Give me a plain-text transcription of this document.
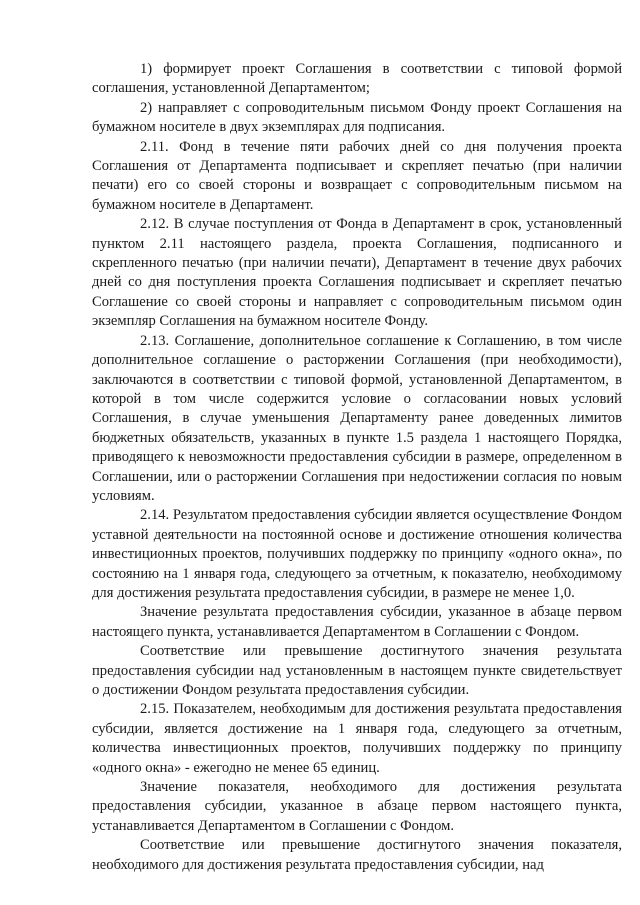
1) формирует проект Соглашения в соответствии с типовой формой соглашения, установленной Департаментом;

2) направляет с сопроводительным письмом Фонду проект Соглашения на бумажном носителе в двух экземплярах для подписания.

2.11. Фонд в течение пяти рабочих дней со дня получения проекта Соглашения от Департамента подписывает и скрепляет печатью (при наличии печати) его со своей стороны и возвращает с сопроводительным письмом на бумажном носителе в Департамент.

2.12. В случае поступления от Фонда в Департамент в срок, установленный пунктом 2.11 настоящего раздела, проекта Соглашения, подписанного и скрепленного печатью (при наличии печати), Департамент в течение двух рабочих дней со дня поступления проекта Соглашения подписывает и скрепляет печатью Соглашение со своей стороны и направляет с сопроводительным письмом один экземпляр Соглашения на бумажном носителе Фонду.

2.13. Соглашение, дополнительное соглашение к Соглашению, в том числе дополнительное соглашение о расторжении Соглашения (при необходимости), заключаются в соответствии с типовой формой, установленной Департаментом, в которой в том числе содержится условие о согласовании новых условий Соглашения, в случае уменьшения Департаменту ранее доведенных лимитов бюджетных обязательств, указанных в пункте 1.5 раздела 1 настоящего Порядка, приводящего к невозможности предоставления субсидии в размере, определенном в Соглашении, или о расторжении Соглашения при недостижении согласия по новым условиям.

2.14. Результатом предоставления субсидии является осуществление Фондом уставной деятельности на постоянной основе и достижение отношения количества инвестиционных проектов, получивших поддержку по принципу «одного окна», по состоянию на 1 января года, следующего за отчетным, к показателю, необходимому для достижения результата предоставления субсидии, в размере не менее 1,0.

Значение результата предоставления субсидии, указанное в абзаце первом настоящего пункта, устанавливается Департаментом в Соглашении с Фондом.

Соответствие или превышение достигнутого значения результата предоставления субсидии над установленным в настоящем пункте свидетельствует о достижении Фондом результата предоставления субсидии.

2.15. Показателем, необходимым для достижения результата предоставления субсидии, является достижение на 1 января года, следующего за отчетным, количества инвестиционных проектов, получивших поддержку по принципу «одного окна» - ежегодно не менее 65 единиц.

Значение показателя, необходимого для достижения результата предоставления субсидии, указанное в абзаце первом настоящего пункта, устанавливается Департаментом в Соглашении с Фондом.

Соответствие или превышение достигнутого значения показателя, необходимого для достижения результата предоставления субсидии, над
